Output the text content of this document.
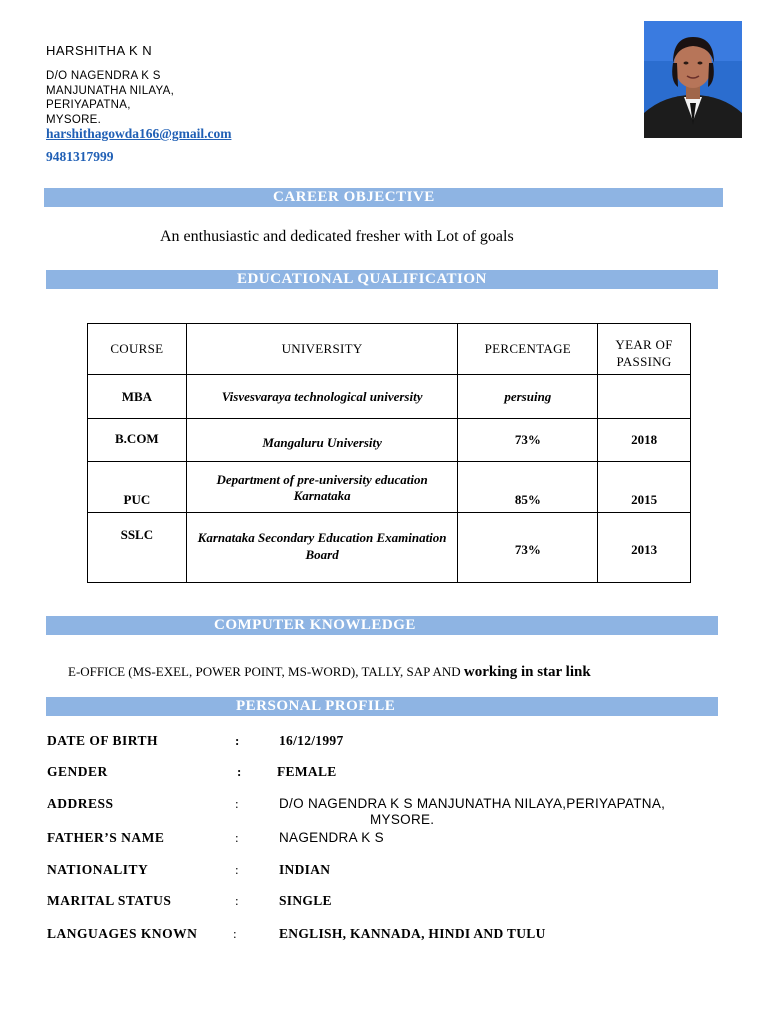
HARSHITHA K N
D/O NAGENDRA K S
MANJUNATHA NILAYA,
PERIYAPATNA,
MYSORE.
harshithagowda166@gmail.com
9481317999
CAREER OBJECTIVE
An enthusiastic and dedicated fresher with Lot of goals
EDUCATIONAL QUALIFICATION
COURSE	UNIVERSITY	PERCENTAGE	YEAR OF PASSING
MBA	Visvesvaraya technological university	persuing	
B.COM	Mangaluru University	73%	2018
PUC	Department of pre-university education Karnataka	85%	2015
SSLC	Karnataka Secondary Education Examination Board	73%	2013
COMPUTER KNOWLEDGE
E-OFFICE (MS-EXEL, POWER POINT, MS-WORD), TALLY, SAP AND working in star link
PERSONAL PROFILE
DATE OF BIRTH	:	16/12/1997
GENDER	:	FEMALE
ADDRESS	:	D/O NAGENDRA K S MANJUNATHA NILAYA,PERIYAPATNA,
MYSORE.
FATHER’S NAME	:	NAGENDRA K S
NATIONALITY	:	INDIAN
MARITAL STATUS	:	SINGLE
LANGUAGES KNOWN	:	ENGLISH, KANNADA, HINDI AND TULU
